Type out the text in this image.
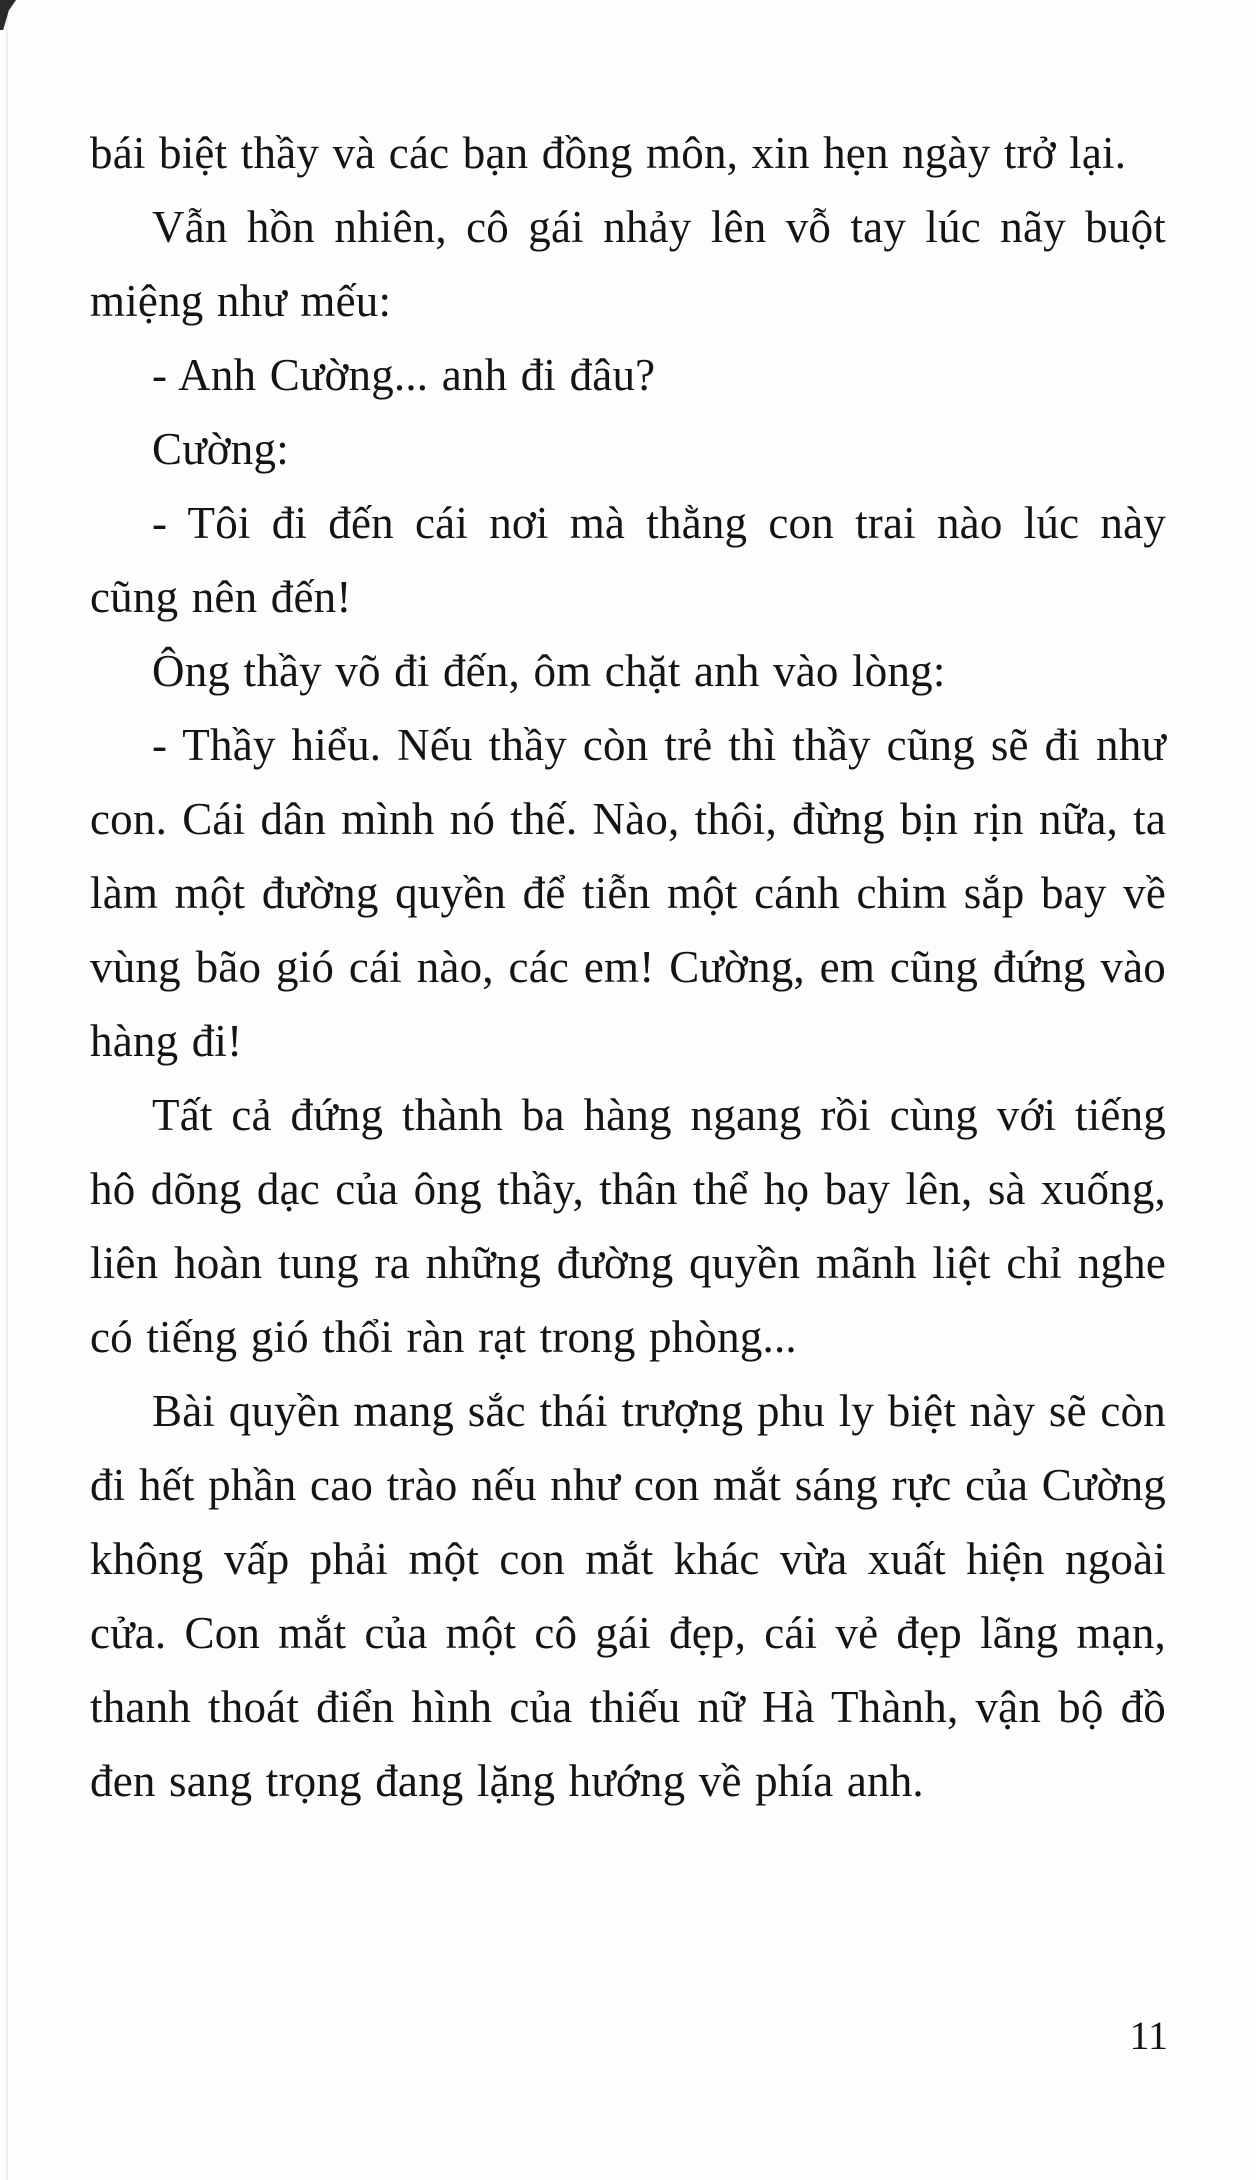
bái biệt thầy và các bạn đồng môn, xin hẹn ngày trở lại.

Vẫn hồn nhiên, cô gái nhảy lên vỗ tay lúc nãy buột miệng như mếu:

- Anh Cường... anh đi đâu?

Cường:

- Tôi đi đến cái nơi mà thằng con trai nào lúc này cũng nên đến!

Ông thầy võ đi đến, ôm chặt anh vào lòng:

- Thầy hiểu. Nếu thầy còn trẻ thì thầy cũng sẽ đi như con. Cái dân mình nó thế. Nào, thôi, đừng bịn rịn nữa, ta làm một đường quyền để tiễn một cánh chim sắp bay về vùng bão gió cái nào, các em! Cường, em cũng đứng vào hàng đi!

Tất cả đứng thành ba hàng ngang rồi cùng với tiếng hô dõng dạc của ông thầy, thân thể họ bay lên, sà xuống, liên hoàn tung ra những đường quyền mãnh liệt chỉ nghe có tiếng gió thổi ràn rạt trong phòng...

Bài quyền mang sắc thái trượng phu ly biệt này sẽ còn đi hết phần cao trào nếu như con mắt sáng rực của Cường không vấp phải một con mắt khác vừa xuất hiện ngoài cửa. Con mắt của một cô gái đẹp, cái vẻ đẹp lãng mạn, thanh thoát điển hình của thiếu nữ Hà Thành, vận bộ đồ đen sang trọng đang lặng hướng về phía anh.

11
